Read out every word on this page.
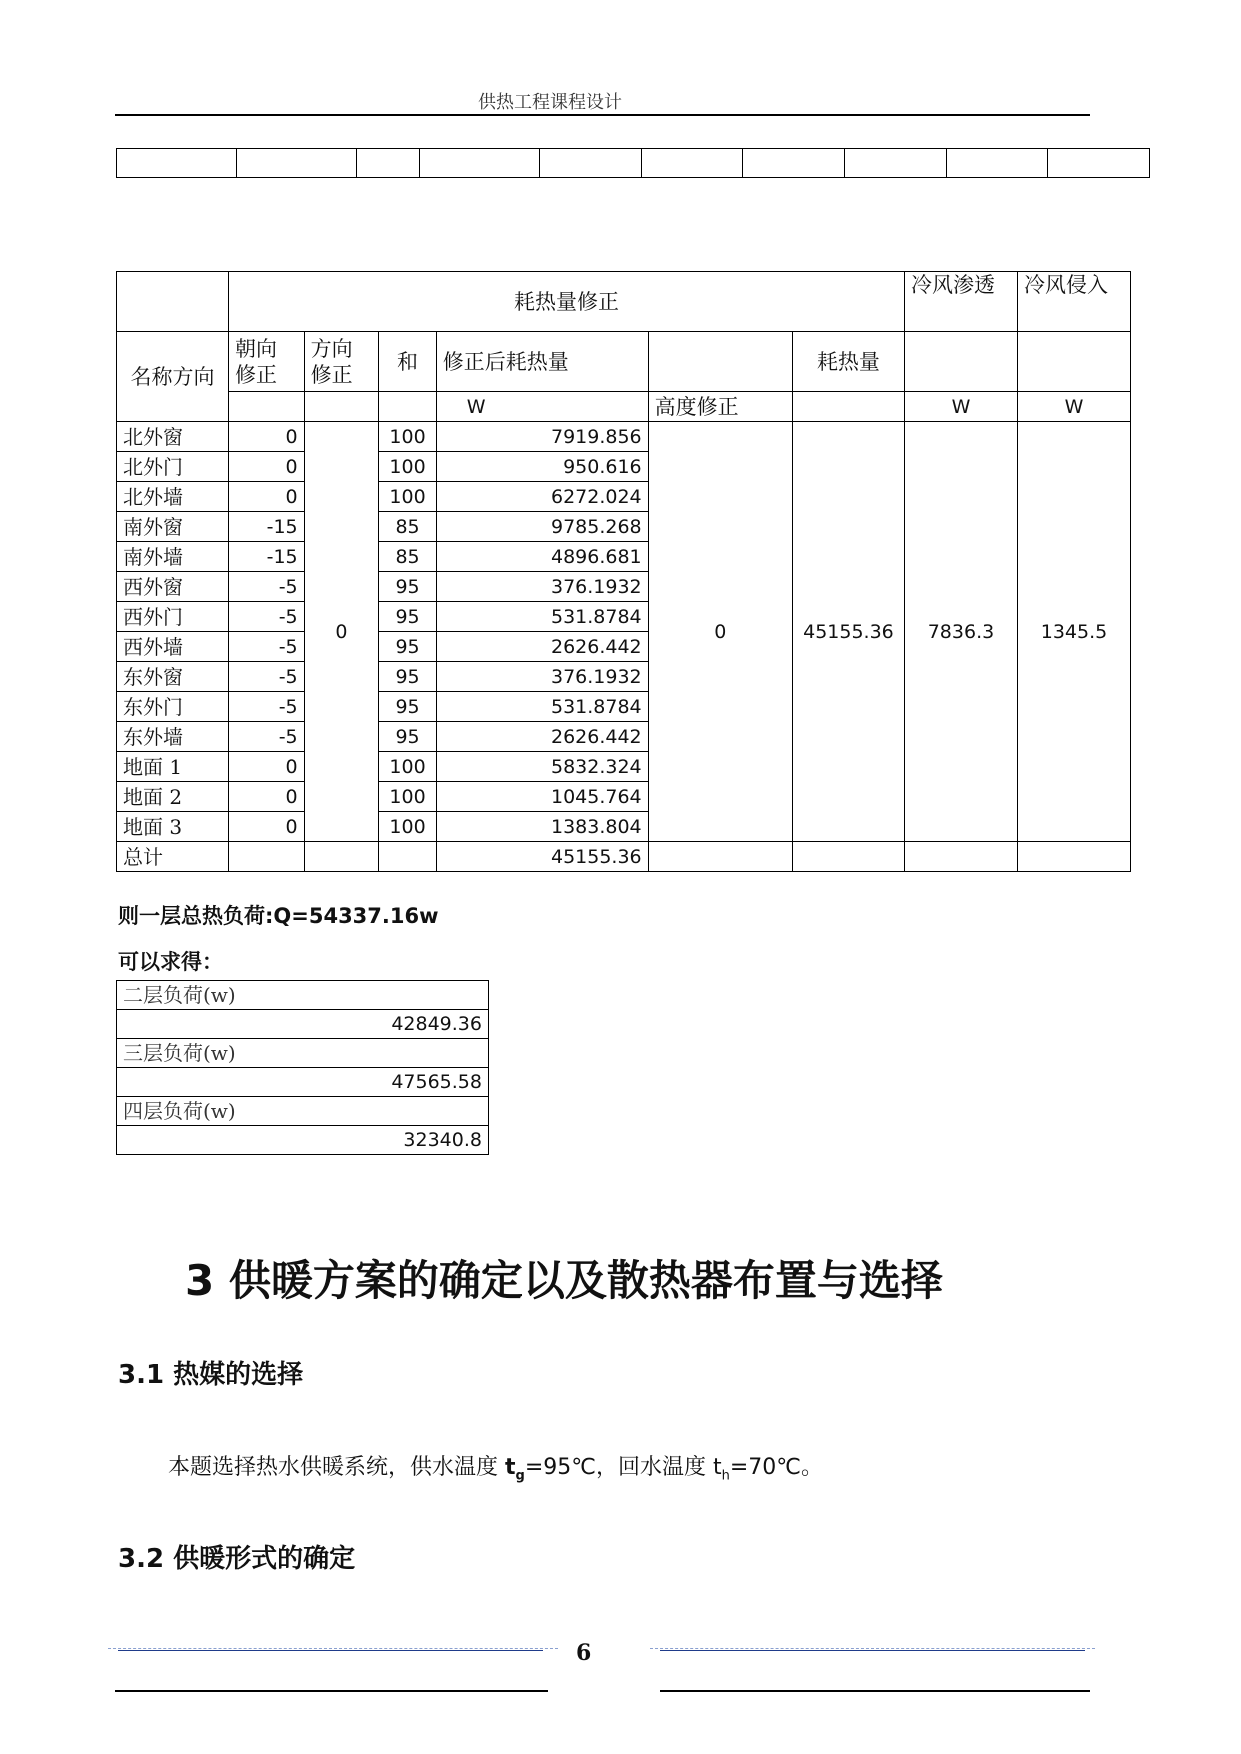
供热工程课程设计

	耗热量修正						冷风渗透	冷风侵入
名称方向	朝向修正	方向修正	和	修正后耗热量		耗热量		
				W	高度修正		W	W
北外窗	0	0	100	7919.856	0	45155.36	7836.3	1345.5
北外门	0		100	950.616				
北外墙	0		100	6272.024				
南外窗	-15		85	9785.268				
南外墙	-15		85	4896.681				
西外窗	-5		95	376.1932				
西外门	-5		95	531.8784				
西外墙	-5		95	2626.442				
东外窗	-5		95	376.1932				
东外门	-5		95	531.8784				
东外墙	-5		95	2626.442				
地面 1	0		100	5832.324				
地面 2	0		100	1045.764				
地面 3	0		100	1383.804				
总计				45155.36				
则一层总热负荷:Q=54337.16w
可以求得：
二层负荷(w)
42849.36
三层负荷(w)
47565.58
四层负荷(w)
32340.8
3 供暖方案的确定以及散热器布置与选择
3.1 热媒的选择
本题选择热水供暖系统，供水温度 $t_g=95℃$，回水温度 $t_h=70℃$。
3.2 供暖形式的确定
6
